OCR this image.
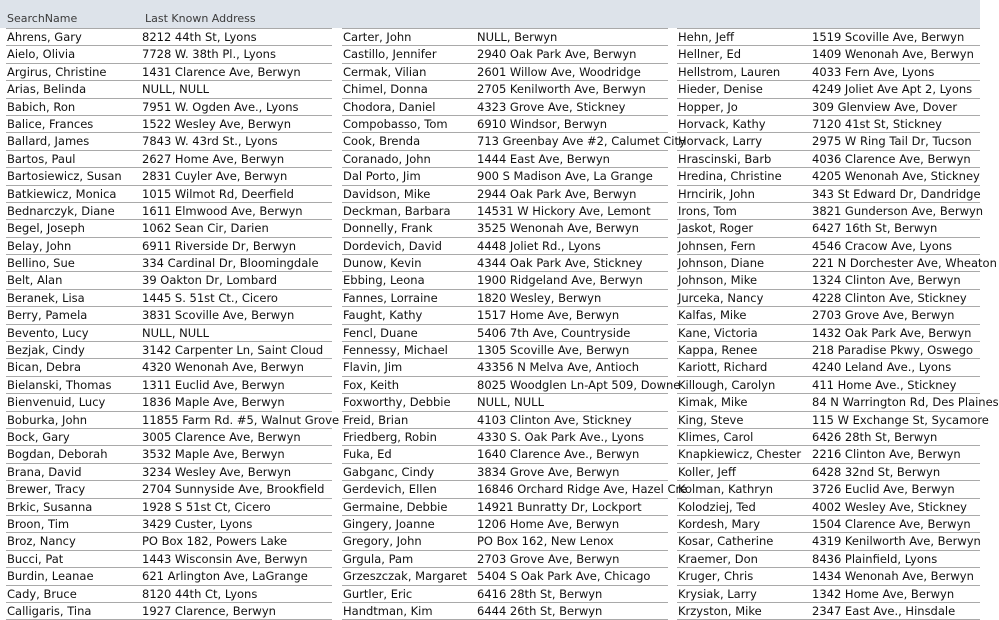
SearchName	Last Known Address
Ahrens, Gary	8212 44th St, Lyons
Aielo, Olivia	7728 W. 38th Pl., Lyons
Argirus, Christine	1431 Clarence Ave, Berwyn
Arias, Belinda	NULL, NULL
Babich, Ron	7951 W. Ogden Ave., Lyons
Balice, Frances	1522 Wesley Ave, Berwyn
Ballard, James	7843 W. 43rd St., Lyons
Bartos, Paul	2627 Home Ave, Berwyn
Bartosiewicz, Susan 2831 Cuyler Ave, Berwyn
Batkiewicz, Monica 1015 Wilmot Rd, Deerfield
Bednarczyk, Diane 1611 Elmwood Ave, Berwyn
Begel, Joseph	1062 Sean Cir, Darien
Belay, John	6911 Riverside Dr, Berwyn
Bellino, Sue	334 Cardinal Dr, Bloomingdale
Belt, Alan	39 Oakton Dr, Lombard
Beranek, Lisa	1445 S. 51st Ct., Cicero
Berry, Pamela	3831 Scoville Ave, Berwyn
Bevento, Lucy	NULL, NULL
Bezjak, Cindy	3142 Carpenter Ln, Saint Cloud
Bican, Debra	4320 Wenonah Ave, Berwyn
Bielanski, Thomas	1311 Euclid Ave, Berwyn
Bienvenuid, Lucy	1836 Maple Ave, Berwyn
Boburka, John	11855 Farm Rd. #5, Walnut Grove
Bock, Gary	3005 Clarence Ave, Berwyn
Bogdan, Deborah	3532 Maple Ave, Berwyn
Brana, David	3234 Wesley Ave, Berwyn
Brewer, Tracy	2704 Sunnyside Ave, Brookfield
Brkic, Susanna	1928 S 51st Ct, Cicero
Broon, Tim	3429 Custer, Lyons
Broz, Nancy	PO Box 182, Powers Lake
Bucci, Pat	1443 Wisconsin Ave, Berwyn
Burdin, Leanae	621 Arlington Ave, LaGrange
Cady, Bruce	8120 44th Ct, Lyons
Calligaris, Tina	1927 Clarence, Berwyn
Carter, John	NULL, Berwyn
Castillo, Jennifer	2940 Oak Park Ave, Berwyn
Cermak, Vilian	2601 Willow Ave, Woodridge
Chimel, Donna	2705 Kenilworth Ave, Berwyn
Chodora, Daniel	4323 Grove Ave, Stickney
Compobasso, Tom	6910 Windsor, Berwyn
Cook, Brenda	713 Greenbay Ave #2, Calumet City
Coranado, John	1444 East Ave, Berwyn
Dal Porto, Jim	900 S Madison Ave, La Grange
Davidson, Mike	2944 Oak Park Ave, Berwyn
Deckman, Barbara 14531 W Hickory Ave, Lemont
Donnelly, Frank	3525 Wenonah Ave, Berwyn
Dordevich, David	4448 Joliet Rd., Lyons
Dunow, Kevin	4344 Oak Park Ave, Stickney
Ebbing, Leona	1900 Ridgeland Ave, Berwyn
Fannes, Lorraine	1820 Wesley, Berwyn
Faught, Kathy	1517 Home Ave, Berwyn
Fencl, Duane	5406 7th Ave, Countryside
Fennessy, Michael	1305 Scoville Ave, Berwyn
Flavin, Jim	43356 N Melva Ave, Antioch
Fox, Keith	8025 Woodglen Ln-Apt 509, Downe
Foxworthy, Debbie NULL, NULL
Freid, Brian	4103 Clinton Ave, Stickney
Friedberg, Robin	4330 S. Oak Park Ave., Lyons
Fuka, Ed	1640 Clarence Ave., Berwyn
Gabganc, Cindy	3834 Grove Ave, Berwyn
Gerdevich, Ellen	16846 Orchard Ridge Ave, Hazel Cre
Germaine, Debbie	14921 Bunratty Dr, Lockport
Gingery, Joanne	1206 Home Ave, Berwyn
Gregory, John	PO Box 162, New Lenox
Grgula, Pam	2703 Grove Ave, Berwyn
Grzeszczak, Margaret 5404 S Oak Park Ave, Chicago
Gurtler, Eric	6416 28th St, Berwyn
Handtman, Kim	6444 26th St, Berwyn
Hehn, Jeff	1519 Scoville Ave, Berwyn
Hellner, Ed	1409 Wenonah Ave, Berwyn
Hellstrom, Lauren	4033 Fern Ave, Lyons
Hieder, Denise	4249 Joliet Ave Apt 2, Lyons
Hopper, Jo	309 Glenview Ave, Dover
Horvack, Kathy	7120 41st St, Stickney
Horvack, Larry	2975 W Ring Tail Dr, Tucson
Hrascinski, Barb	4036 Clarence Ave, Berwyn
Hredina, Christine	4205 Wenonah Ave, Stickney
Hrncirik, John	343 St Edward Dr, Dandridge
Irons, Tom	3821 Gunderson Ave, Berwyn
Jaskot, Roger	6427 16th St, Berwyn
Johnsen, Fern	4546 Cracow Ave, Lyons
Johnson, Diane	221 N Dorchester Ave, Wheaton
Johnson, Mike	1324 Clinton Ave, Berwyn
Jurceka, Nancy	4228 Clinton Ave, Stickney
Kalfas, Mike	2703 Grove Ave, Berwyn
Kane, Victoria	1432 Oak Park Ave, Berwyn
Kappa, Renee	218 Paradise Pkwy, Oswego
Kariott, Richard	4240 Leland Ave., Lyons
Killough, Carolyn	411 Home Ave., Stickney
Kimak, Mike	84 N Warrington Rd, Des Plaines
King, Steve	115 W Exchange St, Sycamore
Klimes, Carol	6426 28th St, Berwyn
Knapkiewicz, Chester 2216 Clinton Ave, Berwyn
Koller, Jeff	6428 32nd St, Berwyn
Kolman, Kathryn	3726 Euclid Ave, Berwyn
Kolodziej, Ted	4002 Wesley Ave, Stickney
Kordesh, Mary	1504 Clarence Ave, Berwyn
Kosar, Catherine	4319 Kenilworth Ave, Berwyn
Kraemer, Don	8436 Plainfield, Lyons
Kruger, Chris	1434 Wenonah Ave, Berwyn
Krysiak, Larry	1342 Home Ave, Berwyn
Krzyston, Mike	2347 East Ave., Hinsdale
